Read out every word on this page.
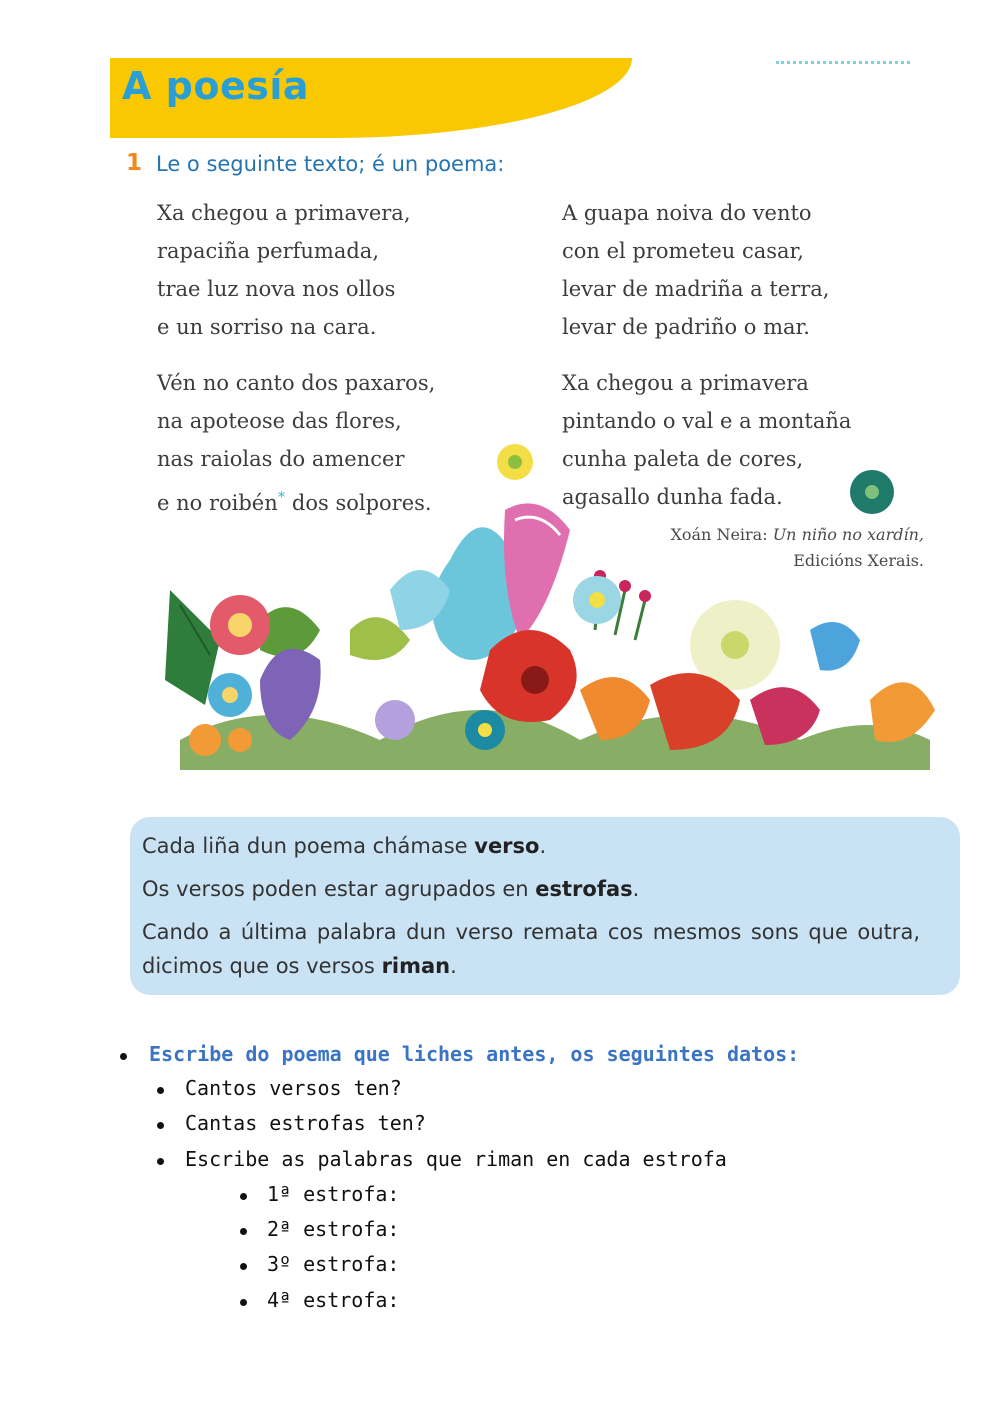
A poesía
1 Le o seguinte texto; é un poema:
Xa chegou a primavera,
rapaciña perfumada,
trae luz nova nos ollos
e un sorriso na cara.
A guapa noiva do vento
con el prometeu casar,
levar de madriña a terra,
levar de padriño o mar.
Vén no canto dos paxaros,
na apoteose das flores,
nas raiolas do amencer
e no roibén* dos solpores.
Xa chegou a primavera
pintando o val e a montaña
cunha paleta de cores,
agasallo dunha fada.
Xoán Neira: Un niño no xardín,
Edicións Xerais.

Cada liña dun poema chámase verso.

Os versos poden estar agrupados en estrofas.

Cando a última palabra dun verso remata cos mesmos sons que outra, dicimos que os versos riman.

Escribe do poema que liches antes, os seguintes datos:
Cantos versos ten?
Cantas estrofas ten?
Escribe as palabras que riman en cada estrofa
1ª estrofa:
2ª estrofa:
3º estrofa:
4ª estrofa:
